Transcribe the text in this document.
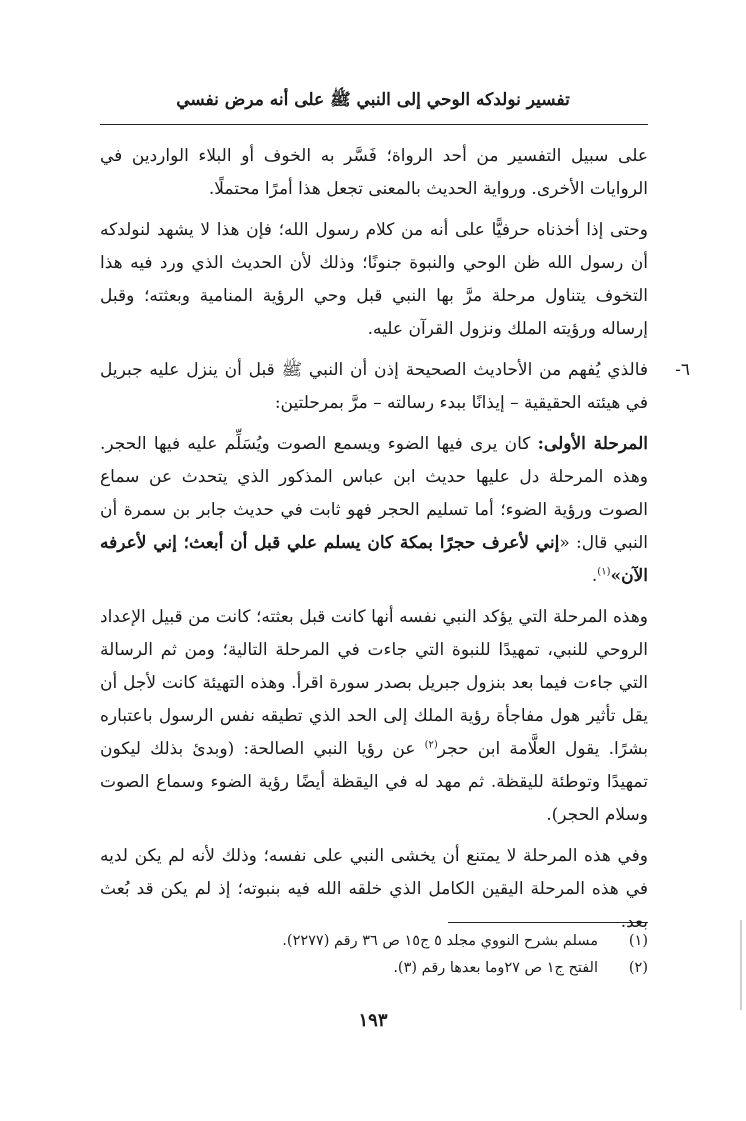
تفسير نولدكه الوحي إلى النبي ﷺ على أنه مرض نفسي

على سبيل التفسير من أحد الرواة؛ فَسَّر به الخوف أو البلاء الواردين في الروايات الأخرى. ورواية الحديث بالمعنى تجعل هذا أمرًا محتملًا.

وحتى إذا أخذناه حرفيًّا على أنه من كلام رسول الله؛ فإن هذا لا يشهد لنولدكه أن رسول الله ظن الوحي والنبوة جنونًا؛ وذلك لأن الحديث الذي ورد فيه هذا التخوف يتناول مرحلة مرَّ بها النبي قبل وحي الرؤية المنامية وبعثته؛ وقبل إرساله ورؤيته الملك ونزول القرآن عليه.

٦-
فالذي يُفهم من الأحاديث الصحيحة إذن أن النبي ﷺ قبل أن ينزل عليه جبريل في هيئته الحقيقية – إيذانًا ببدء رسالته – مرَّ بمرحلتين:

المرحلة الأولى: كان يرى فيها الضوء ويسمع الصوت ويُسَلِّم عليه فيها الحجر. وهذه المرحلة دل عليها حديث ابن عباس المذكور الذي يتحدث عن سماع الصوت ورؤية الضوء؛ أما تسليم الحجر فهو ثابت في حديث جابر بن سمرة أن النبي قال: «إني لأعرف حجرًا بمكة كان يسلم علي قبل أن أبعث؛ إني لأعرفه الآن»$^{(١)}$.

وهذه المرحلة التي يؤكد النبي نفسه أنها كانت قبل بعثته؛ كانت من قبيل الإعداد الروحي للنبي، تمهيدًا للنبوة التي جاءت في المرحلة التالية؛ ومن ثم الرسالة التي جاءت فيما بعد بنزول جبريل بصدر سورة اقرأ. وهذه التهيئة كانت لأجل أن يقل تأثير هول مفاجأة رؤية الملك إلى الحد الذي تطيقه نفس الرسول باعتباره بشرًا. يقول العلَّامة ابن حجر$^{(٢)}$ عن رؤيا النبي الصالحة: (وبدئ بذلك ليكون تمهيدًا وتوطئة لليقظة. ثم مهد له في اليقظة أيضًا رؤية الضوء وسماع الصوت وسلام الحجر).

وفي هذه المرحلة لا يمتنع أن يخشى النبي على نفسه؛ وذلك لأنه لم يكن لديه في هذه المرحلة اليقين الكامل الذي خلقه الله فيه بنبوته؛ إذ لم يكن قد بُعث بعد.

(١)
مسلم بشرح النووي مجلد ٥ ج١٥ ص ٣٦ رقم (٢٢٧٧).

(٢)
الفتح ج١ ص ٢٧وما بعدها رقم (٣).

١٩٣
